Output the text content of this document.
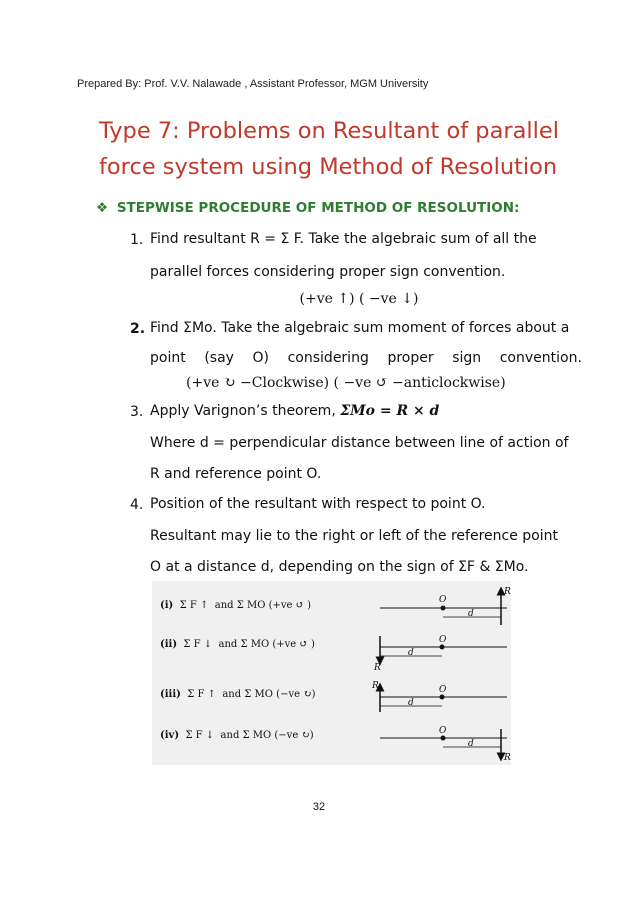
Prepared By: Prof. V.V. Nalawade , Assistant Professor, MGM University
Type 7: Problems on Resultant of parallel
force system using Method of Resolution
❖ STEPWISE PROCEDURE OF METHOD OF RESOLUTION:
1. Find resultant R = Σ F. Take the algebraic sum of all the
parallel forces considering proper sign convention.
(+ve ↑) ( −ve ↓)
2. Find ΣMo. Take the algebraic sum moment of forces about a
point (say O) considering proper sign convention.
(+ve ↻ −Clockwise) ( −ve ↺ −anticlockwise)
3. Apply Varignon’s theorem, ΣMo = R × d
Where d = perpendicular distance between line of action of
R and reference point O.
4. Position of the resultant with respect to point O.
Resultant may lie to the right or left of the reference point
O at a distance d, depending on the sign of ΣF & ΣMo.
(i) Σ F ↑ and Σ MO (+ve ↺ )
(ii) Σ F ↓ and Σ MO (+ve ↺ )
(iii) Σ F ↑ and Σ MO (−ve ↻)
(iv) Σ F ↓ and Σ MO (−ve ↻)
O
R
d
O
R
d
O
R
d
O
R
d
32
